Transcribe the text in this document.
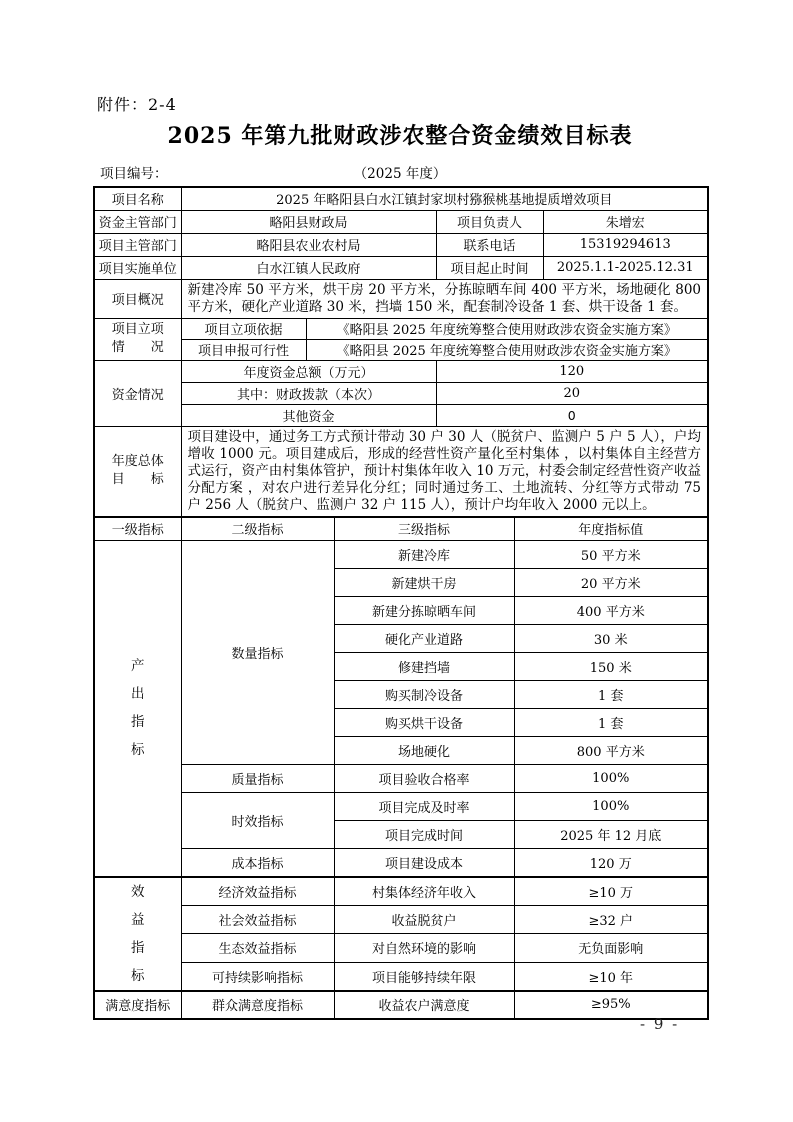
附件：2-4
2025 年第九批财政涉农整合资金绩效目标表
项目编号：	（2025 年度）
项目名称	2025 年略阳县白水江镇封家坝村猕猴桃基地提质增效项目					
资金主管部门	略阳县财政局			项目负责人		朱增宏
项目主管部门	略阳县农业农村局			联系电话		15319294613
项目实施单位	白水江镇人民政府			项目起止时间		2025.1.1-2025.12.31
项目概况	新建冷库 50 平方米，烘干房 20 平方米，分拣晾晒车间 400 平方米，场地硬化 800 平方米，硬化产业道路 30 米，挡墙 150 米，配套制冷设备 1 套、烘干设备 1 套。					

项目立项
情　　况	项目立项依据	《略阳县 2025 年度统筹整合使用财政涉农资金实施方案》				
	项目申报可行性	《略阳县 2025 年度统筹整合使用财政涉农资金实施方案》				
资金情况	年度资金总额（万元）			120		
	其中：财政拨款（本次）			20		
	其他资金			0		

年度总体
目　　标	项目建设中，通过务工方式预计带动 30 户 30 人（脱贫户、监测户 5 户 5 人），户均增收 1000 元。项目建成后，形成的经营性资产量化至村集体 ，以村集体自主经营方式运行，资产由村集体管护，预计村集体年收入 10 万元，村委会制定经营性资产收益分配方案 ，对农户进行差异化分红；同时通过务工、土地流转、分红等方式带动 75 户 256 人（脱贫户、监测户 32 户 115 人），预计户均年收入 2000 元以上。					
一级指标	二级指标		三级指标		年度指标值	
产出指标	数量指标		新建冷库		50 平方米	
			新建烘干房		20 平方米	
			新建分拣晾晒车间		400 平方米	
			硬化产业道路		30 米	
			修建挡墙		150 米	
			购买制冷设备		1 套	
			购买烘干设备		1 套	
			场地硬化		800 平方米	
	质量指标		项目验收合格率		100%	
	时效指标		项目完成及时率		100%	
			项目完成时间		2025 年 12 月底	
	成本指标		项目建设成本		120 万	
效益指标	经济效益指标		村集体经济年收入		≥10 万	
	社会效益指标		收益脱贫户		≥32 户	
	生态效益指标		对自然环境的影响		无负面影响	
	可持续影响指标		项目能够持续年限		≥10 年	
满意度指标	群众满意度指标		收益农户满意度		≥95%	
- 9 -
